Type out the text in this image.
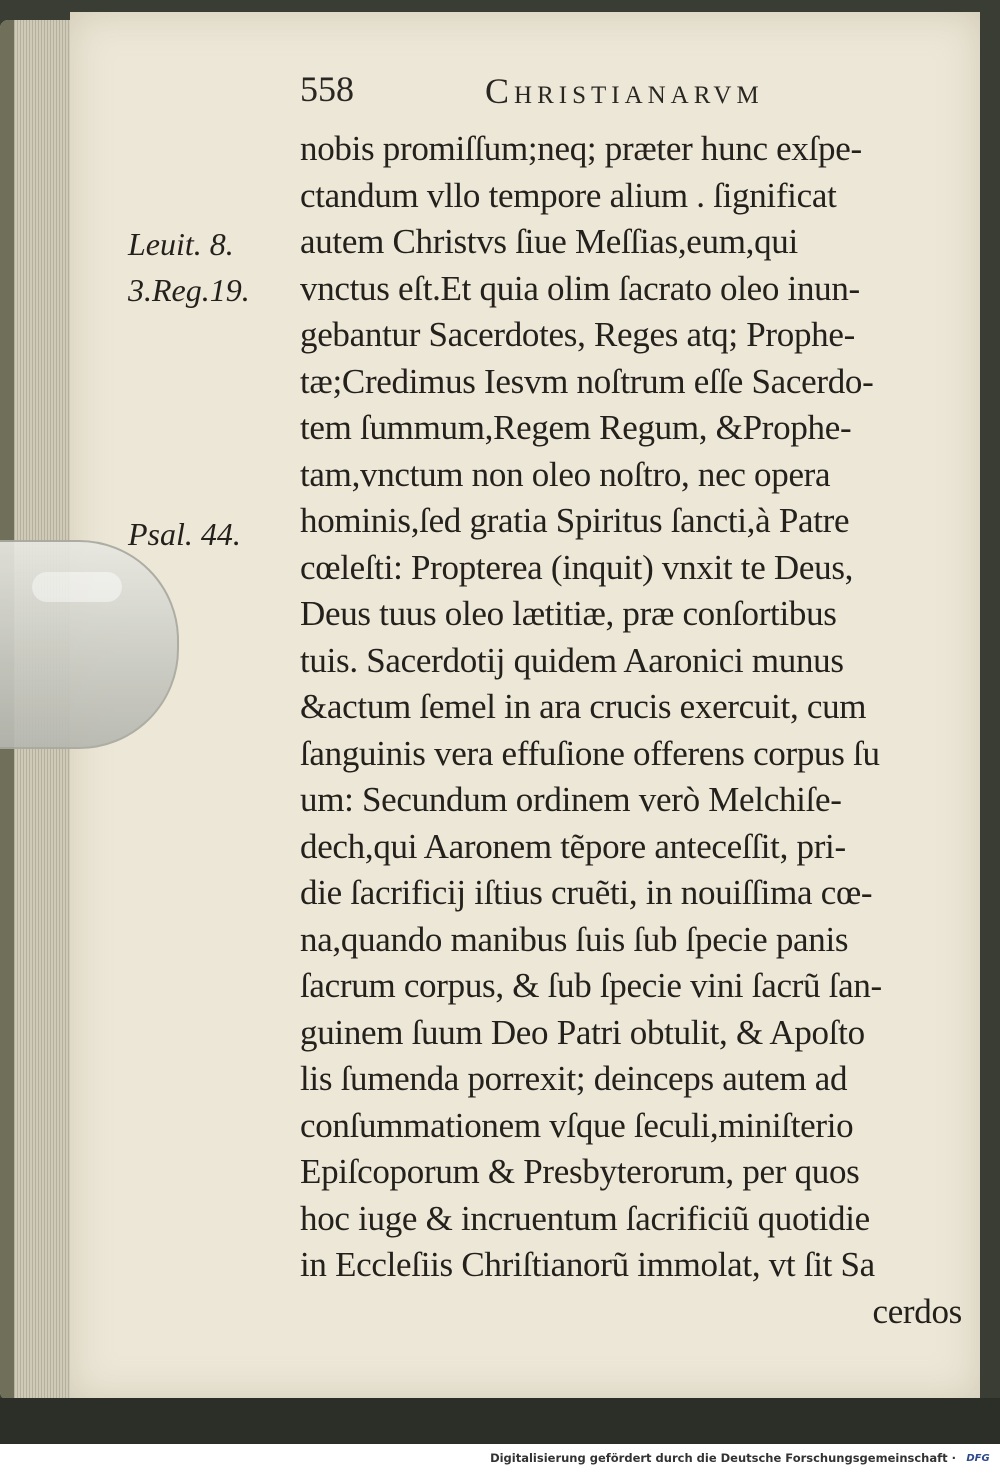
558	Christianarvm
Leuit. 8.
3.Reg.19.
Psal. 44.
nobis promiſſum;neq; præter hunc exſpe-
ctandum vllo tempore alium . ſignificat
autem Christvs ſiue Meſſias,eum,qui
vnctus eſt.Et quia olim ſacrato oleo inun-
gebantur Sacerdotes, Reges atq; Prophe-
tæ;Credimus Iesvm noſtrum eſſe Sacerdo-
tem ſummum,Regem Regum, &Prophe-
tam,vnctum non oleo noſtro, nec opera
hominis,ſed gratia Spiritus ſancti,à Patre
cœleſti: Propterea (inquit) vnxit te Deus,
Deus tuus oleo lætitiæ, præ conſortibus
tuis. Sacerdotij quidem Aaronici munus
&actum ſemel in ara crucis exercuit, cum
ſanguinis vera effuſione offerens corpus ſu
um: Secundum ordinem verò Melchiſe-
dech,qui Aaronem tẽpore anteceſſit, pri-
die ſacrificij iſtius cruẽti, in nouiſſima cœ-
na,quando manibus ſuis ſub ſpecie panis
ſacrum corpus, & ſub ſpecie vini ſacrũ ſan-
guinem ſuum Deo Patri obtulit, & Apoſto
lis ſumenda porrexit; deinceps autem ad
conſummationem vſque ſeculi,miniſterio
Epiſcoporum & Presbyterorum, per quos
hoc iuge & incruentum ſacrificiũ quotidie
in Eccleſiis Chriſtianorũ immolat, vt ſit Sa
cerdos
Digitalisierung gefördert durch die Deutsche Forschungsgemeinschaft ·	DFG
